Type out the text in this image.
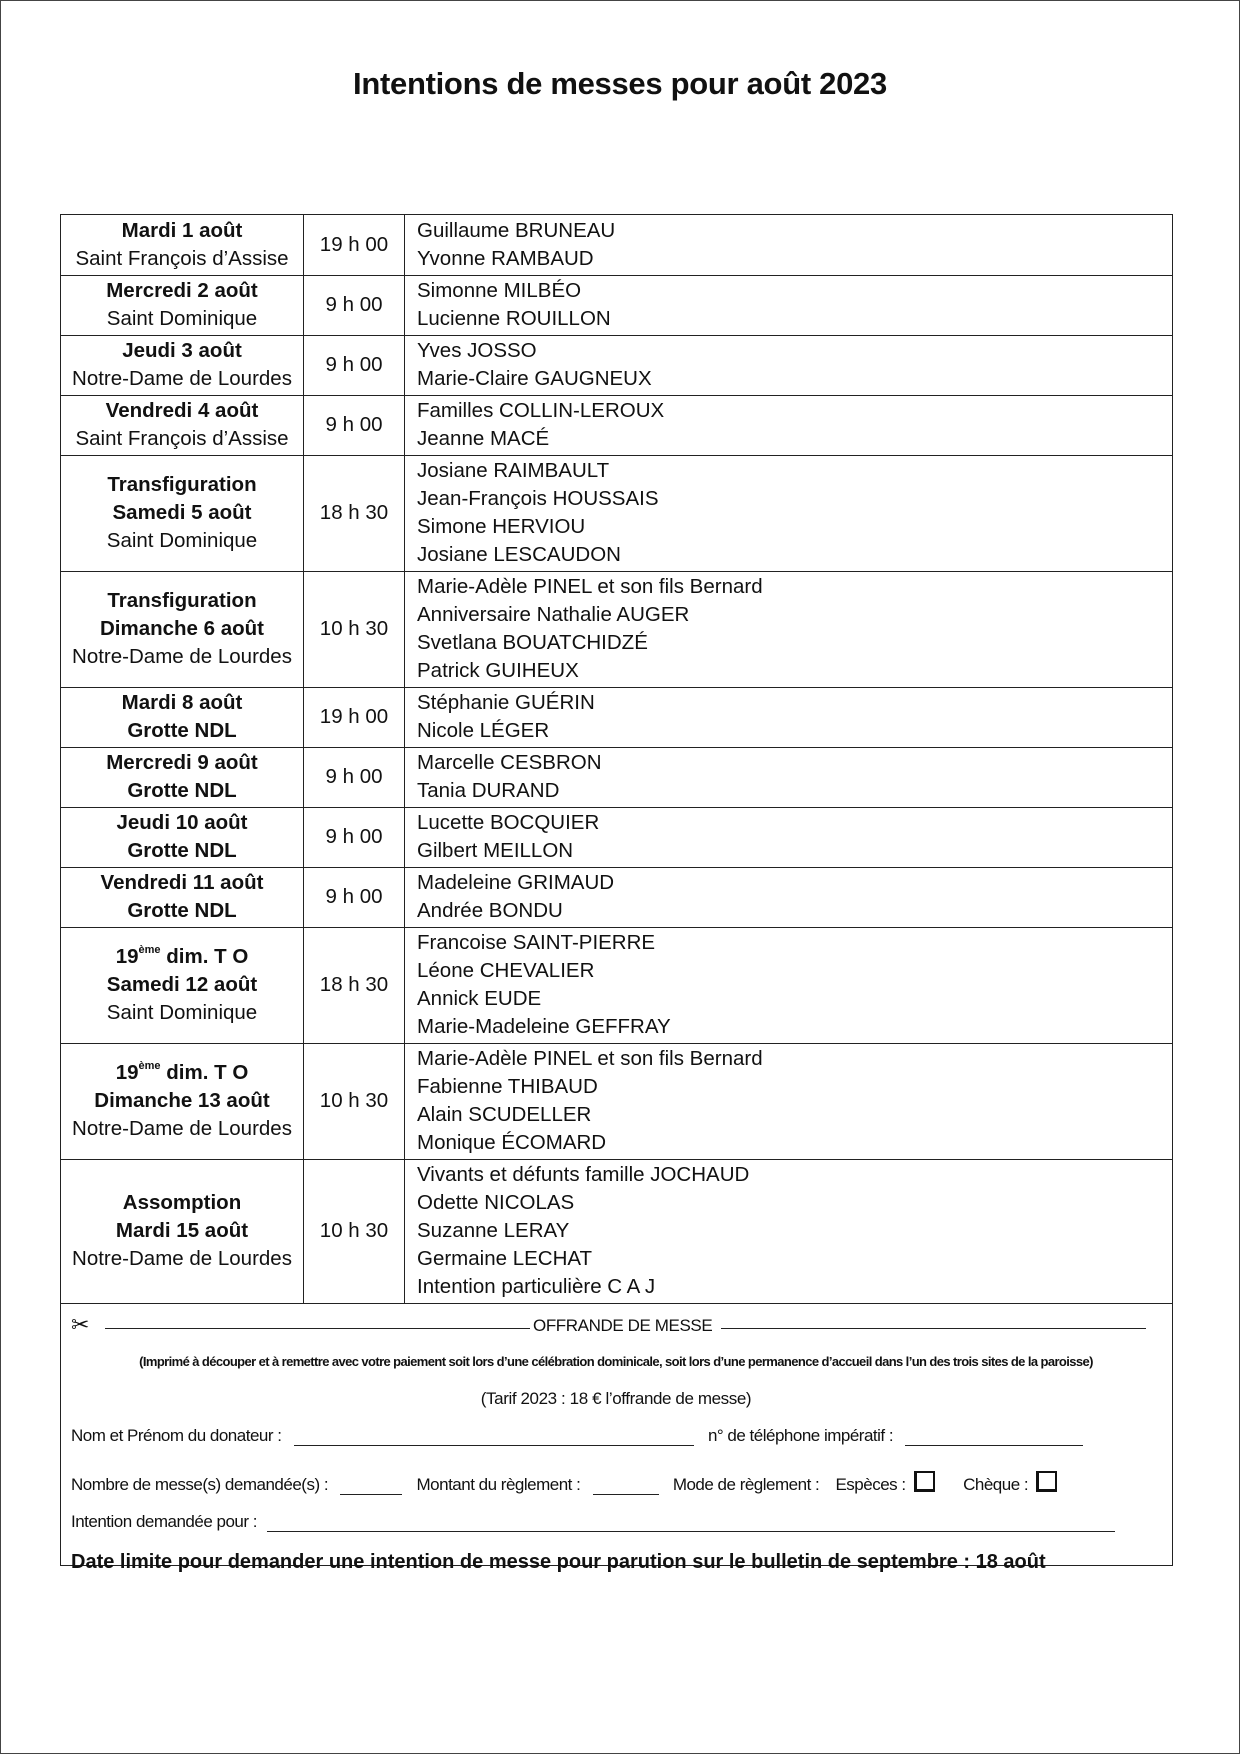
Intentions de messes pour août 2023
Mardi 1 août
Saint François d’Assise	19 h 00	Guillaume BRUNEAU
Yvonne RAMBAUD

Mercredi 2 août
Saint Dominique	9 h 00	Simonne MILBÉO
Lucienne ROUILLON

Jeudi 3 août
Notre-Dame de Lourdes	9 h 00	Yves JOSSO
Marie-Claire GAUGNEUX

Vendredi 4 août
Saint François d’Assise	9 h 00	Familles COLLIN-LEROUX
Jeanne MACÉ

Transfiguration
Samedi 5 août
Saint Dominique	18 h 30	Josiane RAIMBAULT
Jean-François HOUSSAIS
Simone HERVIOU
Josiane LESCAUDON

Transfiguration
Dimanche 6 août
Notre-Dame de Lourdes	10 h 30	Marie-Adèle PINEL et son fils Bernard
Anniversaire Nathalie AUGER
Svetlana BOUATCHIDZÉ
Patrick GUIHEUX

Mardi 8 août
Grotte NDL	19 h 00	Stéphanie GUÉRIN
Nicole LÉGER

Mercredi 9 août
Grotte NDL	9 h 00	Marcelle CESBRON
Tania DURAND

Jeudi 10 août
Grotte NDL	9 h 00	Lucette BOCQUIER
Gilbert MEILLON

Vendredi 11 août
Grotte NDL	9 h 00	Madeleine GRIMAUD
Andrée BONDU

19ème dim. T O
Samedi 12 août
Saint Dominique	18 h 30	Francoise SAINT-PIERRE
Léone CHEVALIER
Annick EUDE
Marie-Madeleine GEFFRAY

19ème dim. T O
Dimanche 13 août
Notre-Dame de Lourdes	10 h 30	Marie-Adèle PINEL et son fils Bernard
Fabienne THIBAUD
Alain SCUDELLER
Monique ÉCOMARD

Assomption
Mardi 15 août
Notre-Dame de Lourdes	10 h 30	Vivants et défunts famille JOCHAUD
Odette NICOLAS
Suzanne LERAY
Germaine LECHAT
Intention particulière C A J
✂	OFFRANDE DE MESSE
(Imprimé à découper et à remettre avec votre paiement soit lors d’une célébration dominicale, soit lors d’une permanence d’accueil dans l’un des trois sites de la paroisse)
(Tarif 2023 : 18 € l’offrande de messe)
Nom et Prénom du donateur :	n° de téléphone impératif :
Nombre de messe(s) demandée(s) :	Montant du règlement :	Mode de règlement : Espèces :	Chèque :
Intention demandée pour :
Date limite pour demander une intention de messe pour parution sur le bulletin de septembre : 18 août
